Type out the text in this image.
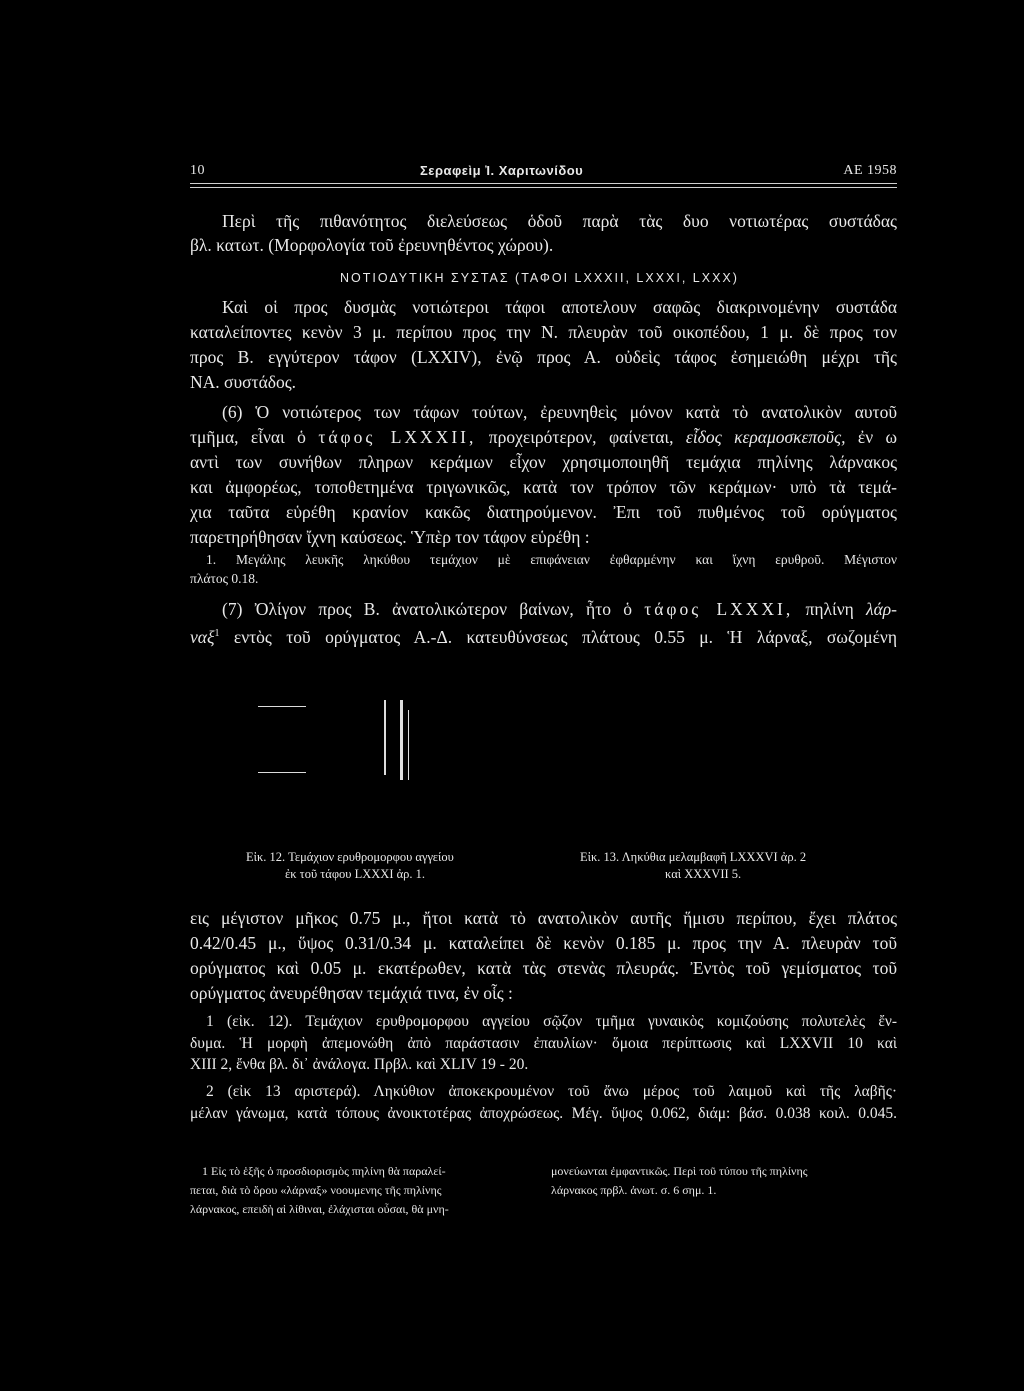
10	Σεραφεὶμ Ἰ. Χαριτωνίδου	ΑΕ 1958
Περὶ τῆς πιθανότητος διελεύσεως ὁδοῦ παρὰ τὰς δυο νοτιωτέρας συστάδας
βλ. κατωτ. (Μορφολογία τοῦ ἐρευνηθέντος χώρου).
ΝΟΤΙΟΔΥΤΙΚΗ ΣΥΣΤΑΣ (ΤΑΦΟΙ LXXXII, LXXXI, LXXX)
Καὶ οἱ προς δυσμὰς νοτιώτεροι τάφοι αποτελουν σαφῶς διακρινομένην συστάδα
καταλείποντες κενὸν 3 μ. περίπου προς την Ν. πλευρὰν τοῦ οικοπέδου, 1 μ. δὲ προς τον
προς Β. εγγύτερον τάφον (LXXIV), ἐνῷ προς Α. οὐδεὶς τάφος ἐσημειώθη μέχρι τῆς
ΝΑ. συστάδος.
(6) Ὁ νοτιώτερος των τάφων τούτων, ἐρευνηθεὶς μόνον κατὰ τὸ ανατολικὸν αυτοῦ
τμῆμα, εἶναι ὁ τάφος LXXXII, προχειρότερον, φαίνεται, εἶδος κεραμοσκεποῦς, ἐν ω
αντὶ των συνήθων πληρων κεράμων εἶχον χρησιμοποιηθῆ τεμάχια πηλίνης λάρνακος
και ἀμφορέως, τοποθετημένα τριγωνικῶς, κατὰ τον τρόπον τῶν κεράμων· υπὸ τὰ τεμά-
χια ταῦτα εὑρέθη κρανίον κακῶς διατηρούμενον. Ἐπι τοῦ πυθμένος τοῦ ορύγματος
παρετηρήθησαν ἴχνη καύσεως. Ὑπὲρ τον τάφον εὑρέθη :
1. Μεγάλης λευκῆς ληκύθου τεμάχιον μὲ επιφάνειαν ἐφθαρμένην και ἴχνη ερυθροῦ. Μέγιστον
πλάτος 0.18.
(7) Ὀλίγον προς Β. ἀνατολικώτερον βαίνων, ἦτο ὁ τάφος LXXXI, πηλίνη λάρ-
ναξ$^1$ εντὸς τοῦ ορύγματος Α.-Δ. κατευθύνσεως πλάτους 0.55 μ. Ἡ λάρναξ, σωζομένη
Εἰκ. 12. Τεμάχιον ερυθρομορφου αγγείου
ἐκ τοῦ τάφου LXXXI ἀρ. 1.
Εἰκ. 13. Ληκύθια μελαμβαφῆ LXXXVI ἀρ. 2
καὶ XXXVII 5.
εις μέγιστον μῆκος 0.75 μ., ἤτοι κατὰ τὸ ανατολικὸν αυτῆς ἥμισυ περίπου, ἔχει πλάτος
0.42/0.45 μ., ὕψος 0.31/0.34 μ. καταλείπει δὲ κενὸν 0.185 μ. προς την Α. πλευρὰν τοῦ
ορύγματος καὶ 0.05 μ. εκατέρωθεν, κατὰ τὰς στενὰς πλευράς. Ἐντὸς τοῦ γεμίσματος τοῦ
ορύγματος ἀνευρέθησαν τεμάχιά τινα, ἐν οἷς :
1 (εἰκ. 12). Τεμάχιον ερυθρομορφου αγγείου σῷζον τμῆμα γυναικὸς κομιζούσης πολυτελὲς ἔν-
δυμα. Ἡ μορφὴ ἀπεμονώθη ἀπὸ παράστασιν ἐπαυλίων· ὅμοια περίπτωσις καὶ LXXVII 10 καὶ
XIII 2, ἔνθα βλ. δι᾽ ἀνάλογα. Πρβλ. καὶ XLIV 19 - 20.
2 (εἰκ 13 αριστερά). Ληκύθιον ἀποκεκρουμένον τοῦ ἄνω μέρος τοῦ λαιμοῦ καὶ τῆς λαβῆς·
μέλαν γάνωμα, κατὰ τόπους ἀνοικτοτέρας ἀποχρώσεως. Μέγ. ὕψος 0.062, διάμ: βάσ. 0.038 κοιλ. 0.045.
1 Εἰς τὸ ἑξῆς ὁ προσδιορισμὸς πηλίνη θὰ παραλεί-
πεται, διὰ τὸ ὅρου «λάρναξ» νοουμενης τῆς πηλίνης
λάρνακος, επειδὴ αἱ λίθιναι, ἐλάχισται οὖσαι, θὰ μνη-
μονεύωνται ἐμφαντικῶς. Περὶ τοῦ τύπου τῆς πηλίνης
λάρνακος πρβλ. ἀνωτ. σ. 6 σημ. 1.
